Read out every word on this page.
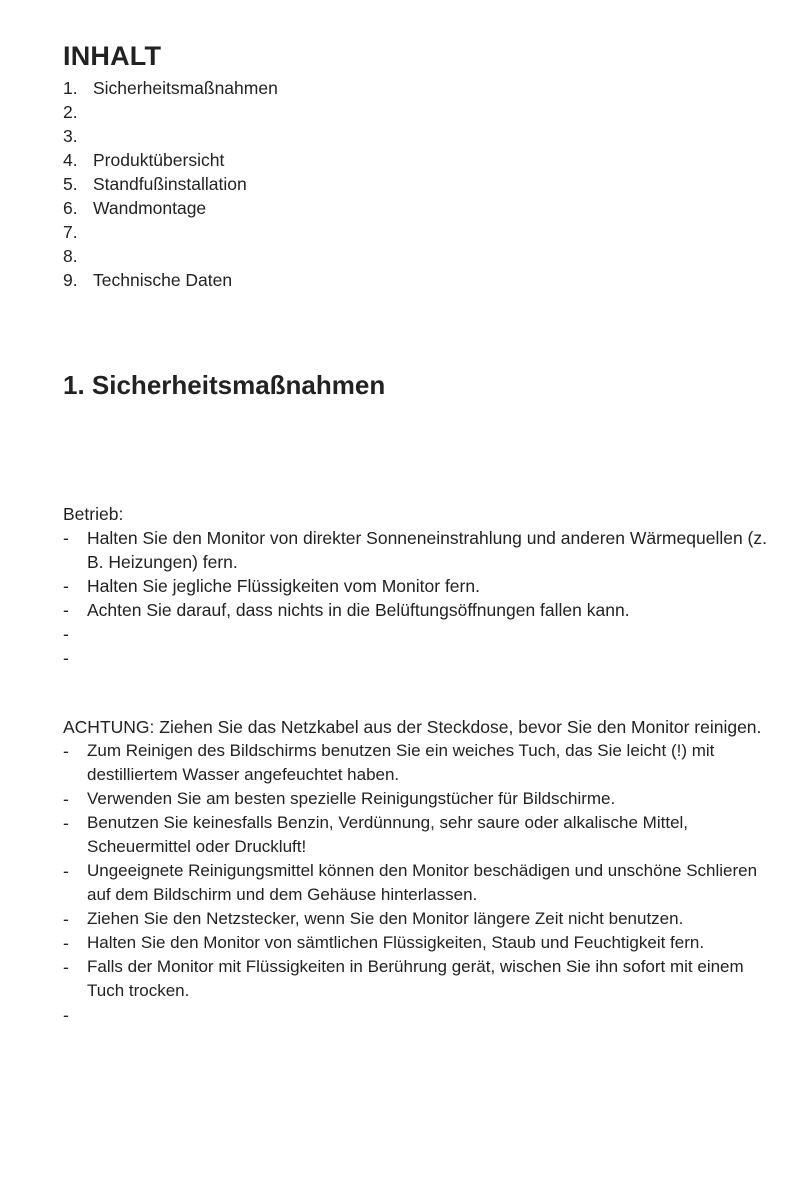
INHALT
1. Sicherheitsmaßnahmen
2.
3.
4. Produktübersicht
5. Standfußinstallation
6. Wandmontage
7.
8.
9. Technische Daten
1. Sicherheitsmaßnahmen
Betrieb:
-	Halten Sie den Monitor von direkter Sonneneinstrahlung und anderen Wärmequellen (z. B. Heizungen) fern.
-	Halten Sie jegliche Flüssigkeiten vom Monitor fern.
-	Achten Sie darauf, dass nichts in die Belüftungsöffnungen fallen kann.
-
-
ACHTUNG: Ziehen Sie das Netzkabel aus der Steckdose, bevor Sie den Monitor reinigen.
-	Zum Reinigen des Bildschirms benutzen Sie ein weiches Tuch, das Sie leicht (!) mit destilliertem Wasser angefeuchtet haben.
-	Verwenden Sie am besten spezielle Reinigungstücher für Bildschirme.
-	Benutzen Sie keinesfalls Benzin, Verdünnung, sehr saure oder alkalische Mittel, Scheuermittel oder Druckluft!
-	Ungeeignete Reinigungsmittel können den Monitor beschädigen und unschöne Schlieren auf dem Bildschirm und dem Gehäuse hinterlassen.
-	Ziehen Sie den Netzstecker, wenn Sie den Monitor längere Zeit nicht benutzen.
-	Halten Sie den Monitor von sämtlichen Flüssigkeiten, Staub und Feuchtigkeit fern.
-	Falls der Monitor mit Flüssigkeiten in Berührung gerät, wischen Sie ihn sofort mit einem Tuch trocken.
-
